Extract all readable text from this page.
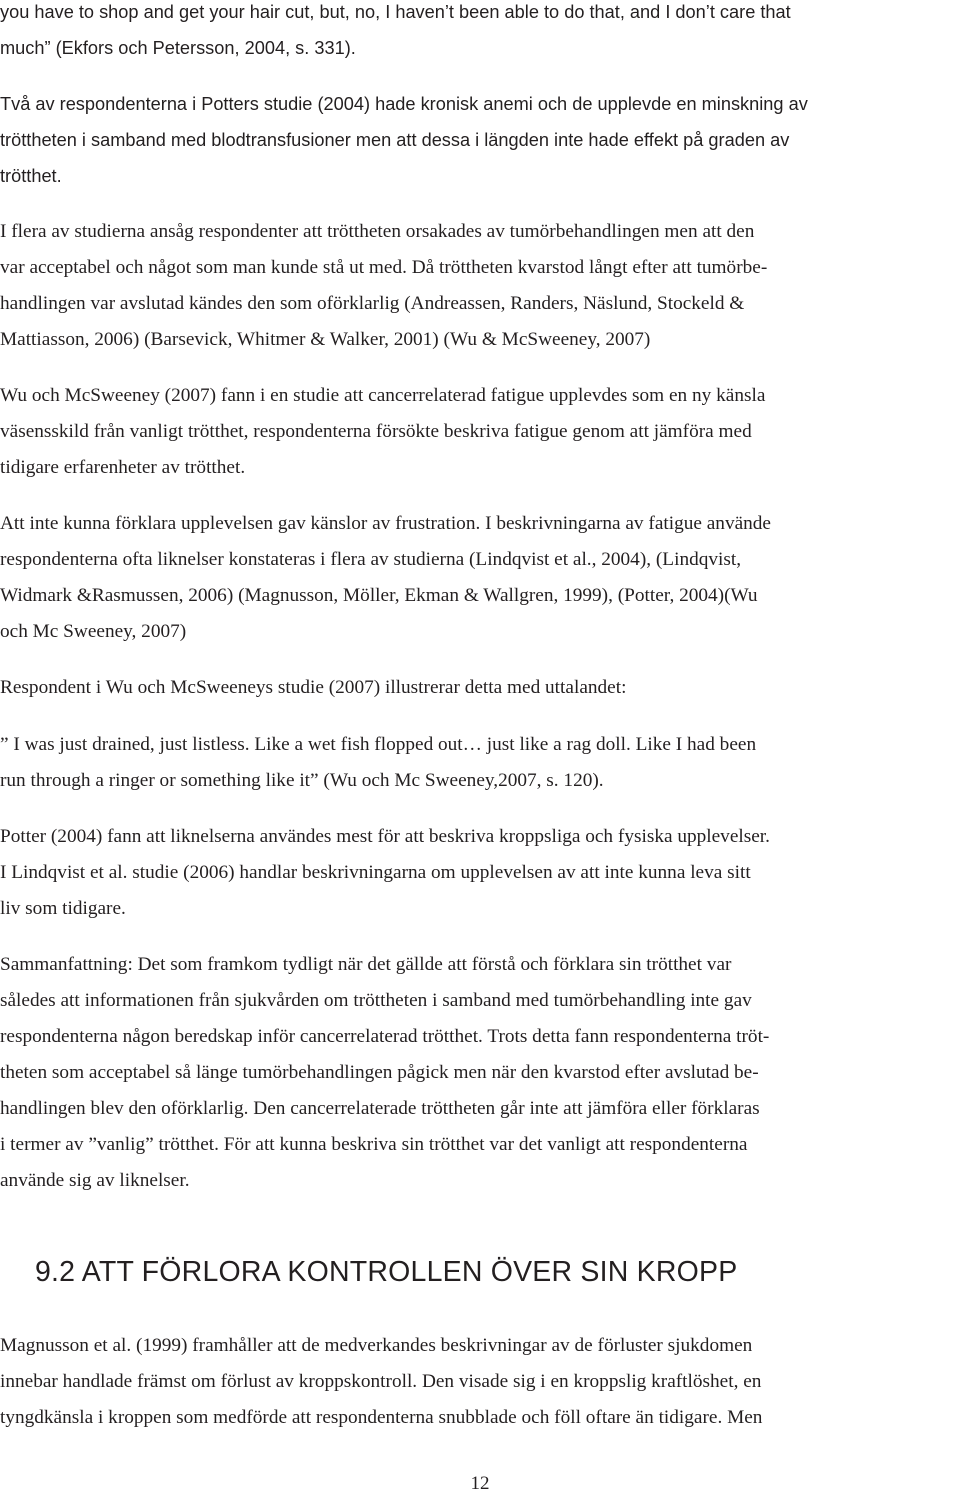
you have to shop and get your hair cut, but, no, I haven’t been able to do that, and I don’t care that
much” (Ekfors och Petersson, 2004, s. 331).
Två av respondenterna i Potters studie (2004) hade kronisk anemi och de upplevde en minskning av
tröttheten i samband med blodtransfusioner men att dessa i längden inte hade effekt på graden av
trötthet.
I flera av studierna ansåg respondenter att tröttheten orsakades av tumörbehandlingen men att den
var acceptabel och något som man kunde stå ut med. Då tröttheten kvarstod långt efter att tumörbe-
handlingen var avslutad kändes den som oförklarlig (Andreassen, Randers, Näslund, Stockeld &
Mattiasson, 2006) (Barsevick, Whitmer & Walker, 2001) (Wu & McSweeney, 2007)
Wu och McSweeney (2007) fann i en studie att cancerrelaterad fatigue upplevdes som en ny känsla
väsensskild från vanligt trötthet, respondenterna försökte beskriva fatigue genom att jämföra med
tidigare erfarenheter av trötthet.
Att inte kunna förklara upplevelsen gav känslor av frustration. I beskrivningarna av fatigue använde
respondenterna ofta liknelser konstateras i flera av studierna (Lindqvist et al., 2004), (Lindqvist,
Widmark &Rasmussen, 2006) (Magnusson, Möller, Ekman & Wallgren, 1999), (Potter, 2004)(Wu
och Mc Sweeney, 2007)
Respondent i Wu och McSweeneys studie (2007) illustrerar detta med uttalandet:
” I was just drained, just listless. Like a wet fish flopped out… just like a rag doll. Like I had been
run through a ringer or something like it” (Wu och Mc Sweeney,2007, s. 120).
Potter (2004) fann att liknelserna användes mest för att beskriva kroppsliga och fysiska upplevelser.
I Lindqvist et al. studie (2006) handlar beskrivningarna om upplevelsen av att inte kunna leva sitt
liv som tidigare.
Sammanfattning: Det som framkom tydligt när det gällde att förstå och förklara sin trötthet var
således att informationen från sjukvården om tröttheten i samband med tumörbehandling inte gav
respondenterna någon beredskap inför cancerrelaterad trötthet. Trots detta fann respondenterna tröt-
theten som acceptabel så länge tumörbehandlingen pågick men när den kvarstod efter avslutad be-
handlingen blev den oförklarlig. Den cancerrelaterade tröttheten går inte att jämföra eller förklaras
i termer av ”vanlig” trötthet. För att kunna beskriva sin trötthet var det vanligt att respondenterna
använde sig av liknelser.
9.2 ATT FÖRLORA KONTROLLEN ÖVER SIN KROPP
Magnusson et al. (1999) framhåller att de medverkandes beskrivningar av de förluster sjukdomen
innebar handlade främst om förlust av kroppskontroll. Den visade sig i en kroppslig kraftlöshet, en
tyngdkänsla i kroppen som medförde att respondenterna snubblade och föll oftare än tidigare. Men
12
